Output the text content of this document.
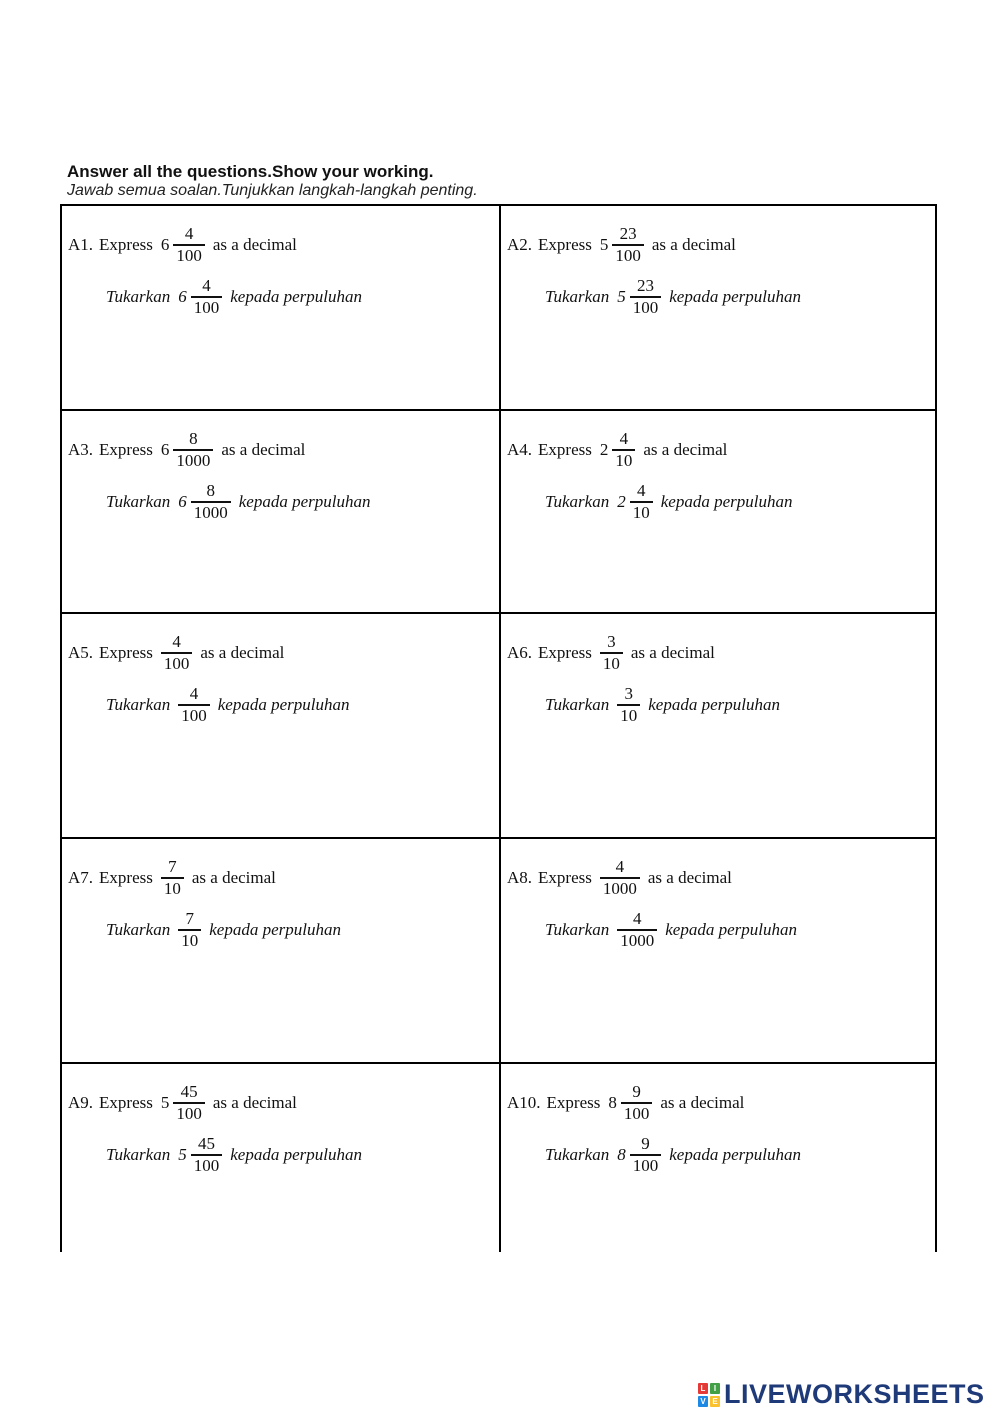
Answer all the questions.Show your working.
Jawab semua soalan.Tunjukkan langkah-langkah penting.
A1. Express $6 \frac{4}{100}$ as a decimal
Tukarkan $6 \frac{4}{100}$ kepada perpuluhan
A2. Express $5 \frac{23}{100}$ as a decimal
Tukarkan $5 \frac{23}{100}$ kepada perpuluhan
A3. Express $6 \frac{8}{1000}$ as a decimal
Tukarkan $6 \frac{8}{1000}$ kepada perpuluhan
A4. Express $2 \frac{4}{10}$ as a decimal
Tukarkan $2 \frac{4}{10}$ kepada perpuluhan
A5. Express $\frac{4}{100}$ as a decimal
Tukarkan $\frac{4}{100}$ kepada perpuluhan
A6. Express $\frac{3}{10}$ as a decimal
Tukarkan $\frac{3}{10}$ kepada perpuluhan
A7. Express $\frac{7}{10}$ as a decimal
Tukarkan $\frac{7}{10}$ kepada perpuluhan
A8. Express $\frac{4}{1000}$ as a decimal
Tukarkan $\frac{4}{1000}$ kepada perpuluhan
A9. Express $5 \frac{45}{100}$ as a decimal
Tukarkan $5 \frac{45}{100}$ kepada perpuluhan
A10. Express $8 \frac{9}{100}$ as a decimal
Tukarkan $8 \frac{9}{100}$ kepada perpuluhan
L	I
V E LIVEWORKSHEETS
